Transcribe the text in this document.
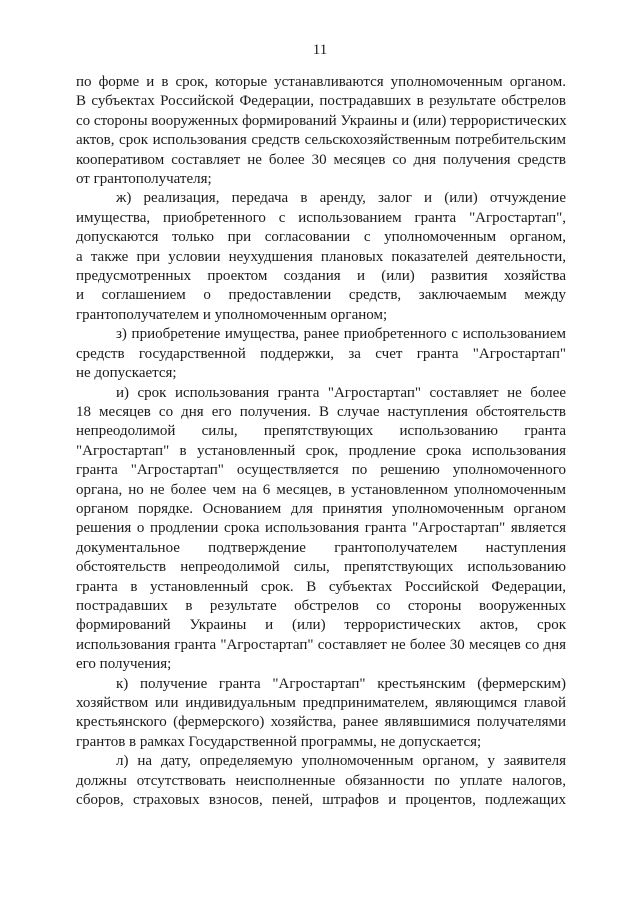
11
по форме и в срок, которые устанавливаются уполномоченным органом.
В субъектах Российской Федерации, пострадавших в результате обстрелов
со стороны вооруженных формирований Украины и (или) террористических
актов, срок использования средств сельскохозяйственным потребительским
кооперативом составляет не более 30 месяцев со дня получения средств
от грантополучателя;
ж) реализация, передача в аренду, залог и (или) отчуждение
имущества, приобретенного с использованием гранта "Агростартап",
допускаются только при согласовании с уполномоченным органом,
а также при условии неухудшения плановых показателей деятельности,
предусмотренных проектом создания и (или) развития хозяйства
и соглашением о предоставлении средств, заключаемым между
грантополучателем и уполномоченным органом;
з) приобретение имущества, ранее приобретенного с использованием
средств государственной поддержки, за счет гранта "Агростартап"
не допускается;
и) срок использования гранта "Агростартап" составляет не более
18 месяцев со дня его получения. В случае наступления обстоятельств
непреодолимой силы, препятствующих использованию гранта
"Агростартап" в установленный срок, продление срока использования
гранта "Агростартап" осуществляется по решению уполномоченного
органа, но не более чем на 6 месяцев, в установленном уполномоченным
органом порядке. Основанием для принятия уполномоченным органом
решения о продлении срока использования гранта "Агростартап" является
документальное подтверждение грантополучателем наступления
обстоятельств непреодолимой силы, препятствующих использованию
гранта в установленный срок. В субъектах Российской Федерации,
пострадавших в результате обстрелов со стороны вооруженных
формирований Украины и (или) террористических актов, срок
использования гранта "Агростартап" составляет не более 30 месяцев со дня
его получения;
к) получение гранта "Агростартап" крестьянским (фермерским)
хозяйством или индивидуальным предпринимателем, являющимся главой
крестьянского (фермерского) хозяйства, ранее являвшимися получателями
грантов в рамках Государственной программы, не допускается;
л) на дату, определяемую уполномоченным органом, у заявителя
должны отсутствовать неисполненные обязанности по уплате налогов,
сборов, страховых взносов, пеней, штрафов и процентов, подлежащих
